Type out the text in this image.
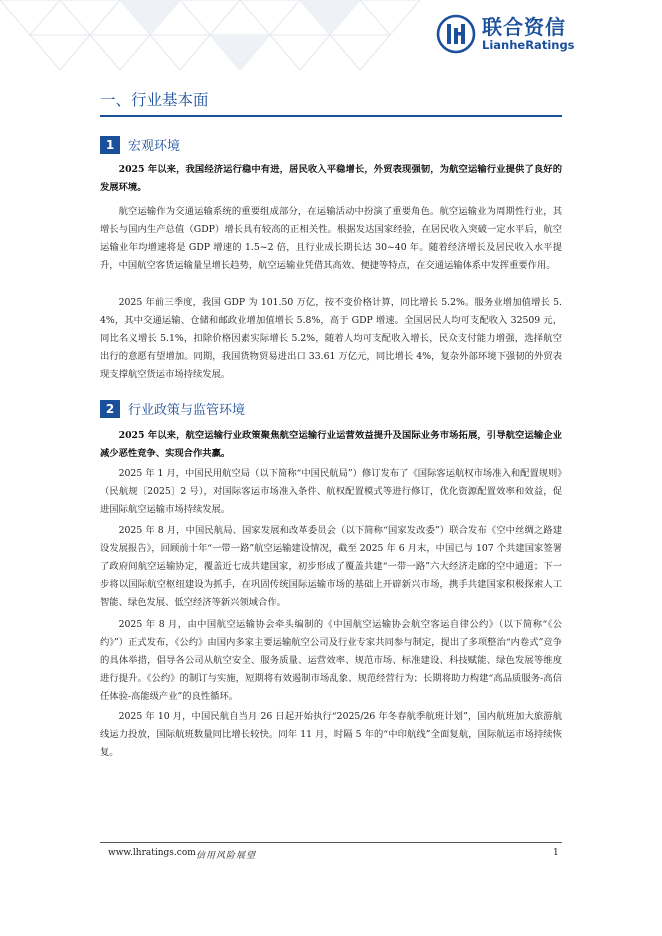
联合资信
LianheRatings
一、行业基本面
1	宏观环境

2025 年以来，我国经济运行稳中有进，居民收入平稳增长，外贸表现强韧，为航空运输行业提供了良好的发展环境。

航空运输作为交通运输系统的重要组成部分，在运输活动中扮演了重要角色。航空运输业为周期性行业，其增长与国内生产总值（GDP）增长具有较高的正相关性。根据发达国家经验，在居民收入突破一定水平后，航空运输业年均增速将是 GDP 增速的 1.5~2 倍，且行业成长期长达 30~40 年。随着经济增长及居民收入水平提升，中国航空客货运输量呈增长趋势，航空运输业凭借其高效、便捷等特点，在交通运输体系中发挥重要作用。

2025 年前三季度，我国 GDP 为 101.50 万亿，按不变价格计算，同比增长 5.2%。服务业增加值增长 5.4%，其中交通运输、仓储和邮政业增加值增长 5.8%，高于 GDP 增速。全国居民人均可支配收入 32509 元，同比名义增长 5.1%，扣除价格因素实际增长 5.2%，随着人均可支配收入增长，民众支付能力增强，选择航空出行的意愿有望增加。同期，我国货物贸易进出口 33.61 万亿元，同比增长 4%，复杂外部环境下强韧的外贸表现支撑航空货运市场持续发展。

2	行业政策与监管环境

2025 年以来，航空运输行业政策聚焦航空运输行业运营效益提升及国际业务市场拓展，引导航空运输企业减少恶性竞争、实现合作共赢。

2025 年 1 月，中国民用航空局（以下简称“中国民航局”）修订发布了《国际客运航权市场准入和配置规则》（民航规〔2025〕2 号），对国际客运市场准入条件、航权配置模式等进行修订，优化资源配置效率和效益，促进国际航空运输市场持续发展。

2025 年 8 月，中国民航局、国家发展和改革委员会（以下简称“国家发改委”）联合发布《空中丝绸之路建设发展报告》，回顾前十年“一带一路”航空运输建设情况，截至 2025 年 6 月末，中国已与 107 个共建国家签署了政府间航空运输协定，覆盖近七成共建国家，初步形成了覆盖共建“一带一路”六大经济走廊的空中通道；下一步将以国际航空枢纽建设为抓手，在巩固传统国际运输市场的基础上开辟新兴市场，携手共建国家积极探索人工智能、绿色发展、低空经济等新兴领域合作。

2025 年 8 月，由中国航空运输协会牵头编制的《中国航空运输协会航空客运自律公约》（以下简称“《公约》”）正式发布，《公约》由国内多家主要运输航空公司及行业专家共同参与制定，提出了多项整治“内卷式”竞争的具体举措，倡导各公司从航空安全、服务质量、运营效率、规范市场、标准建设、科技赋能、绿色发展等维度进行提升。《公约》的制订与实施，短期将有效遏制市场乱象、规范经营行为；长期将助力构建“高品质服务-高信任体验-高能级产业”的良性循环。

2025 年 10 月，中国民航自当月 26 日起开始执行“2025/26 年冬春航季航班计划”，国内航班加大旅游航线运力投放，国际航班数量同比增长较快。同年 11 月，时隔 5 年的“中印航线”全面复航，国际航运市场持续恢复。

www.lhratings.com 信用风险展望	1
